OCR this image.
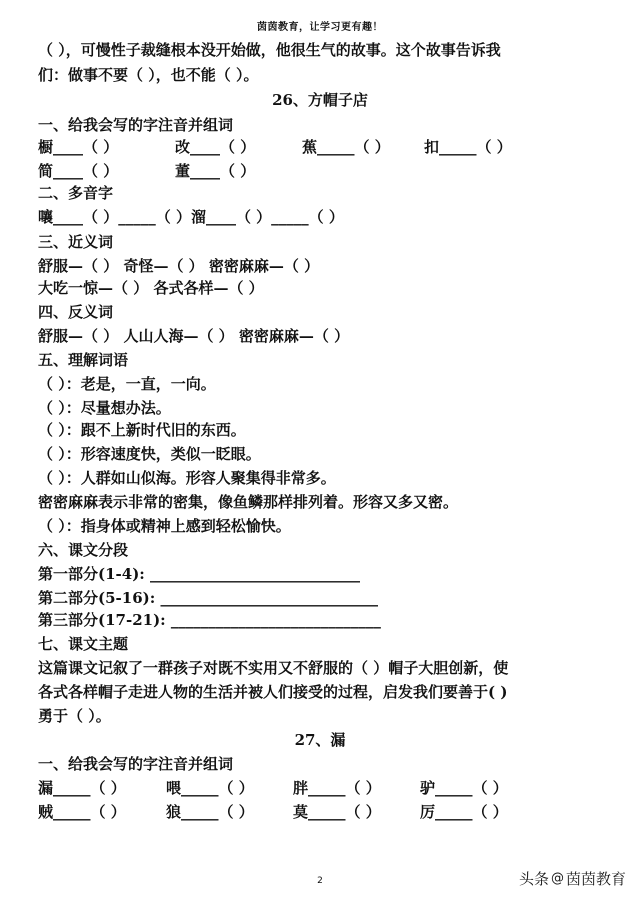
茵茵教育，让学习更有趣！
（ ），可慢性子裁缝根本没开始做，他很生气的故事。这个故事告诉我
们：做事不要（ ），也不能（ ）。
26、方帽子店
一、给我会写的字注音并组词
橱____（ ）	改____（ ）	蕉_____（ ） 扣_____（ ）
简____（ ）	董____（ ）
二、多音字
嚷____（ ）_____（ ）溜____（ ）_____（ ）
三、近义词
舒服—（ ） 奇怪—（ ） 密密麻麻—（ ）
大吃一惊—（ ） 各式各样—（ ）
四、反义词
舒服—（ ） 人山人海—（ ） 密密麻麻—（ ）
五、理解词语
（ ）：老是，一直，一向。
（ ）：尽量想办法。
（ ）：跟不上新时代旧的东西。
（ ）：形容速度快，类似一眨眼。
（ ）：人群如山似海。形容人聚集得非常多。
密密麻麻表示非常的密集，像鱼鳞那样排列着。形容又多又密。
（ ）：指身体或精神上感到轻松愉快。
六、课文分段
第一部分(1-4): ____________________________
第二部分(5-16): _____________________________
第三部分(17-21): ____________________________
七、课文主题
这篇课文记叙了一群孩子对既不实用又不舒服的（ ）帽子大胆创新，使
各式各样帽子走进人物的生活并被人们接受的过程，启发我们要善于( )
勇于（ ）。
27、漏
一、给我会写的字注音并组词
漏_____（ ）	喂_____（ ）	胖_____（ ）	驴_____（ ）
贼_____（ ）	狼_____（ ）	莫_____（ ）	厉_____（ ）
2	头条 @ 茵茵教育
